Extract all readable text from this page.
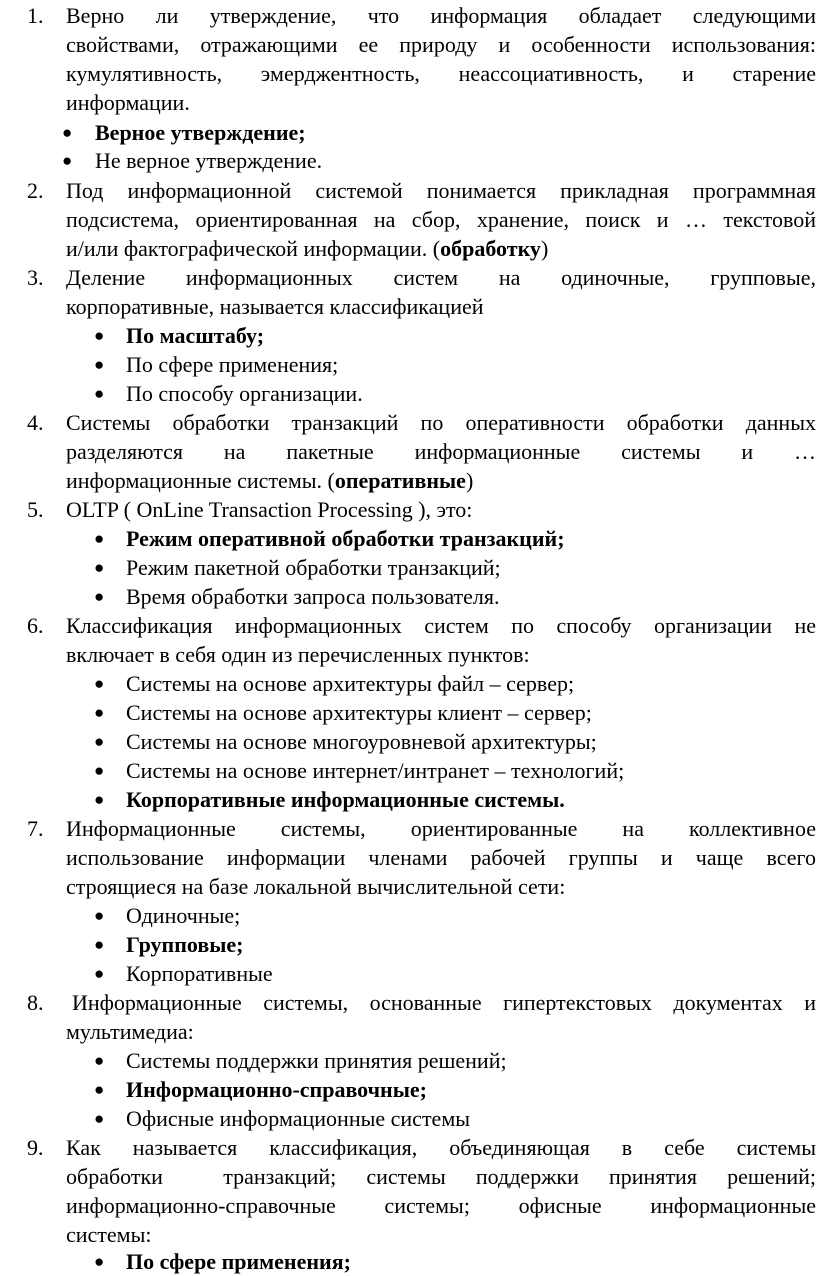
1. Верно ли утверждение, что информация обладает следующими
свойствами, отражающими ее природу и особенности использования:
кумулятивность, эмерджентность, неассоциативность, и старение
информации.
● Верное утверждение;
● Не верное утверждение.
2. Под информационной системой понимается прикладная программная
подсистема, ориентированная на сбор, хранение, поиск и … текстовой
и/или фактографической информации. (обработку)
3. Деление информационных систем на одиночные, групповые,
корпоративные, называется классификацией
● По масштабу;
● По сфере применения;
● По способу организации.
4. Системы обработки транзакций по оперативности обработки данных
разделяются на пакетные информационные системы и …
информационные системы. (оперативные)
5. OLTP ( OnLine Transaction Processing ), это:
● Режим оперативной обработки транзакций;
● Режим пакетной обработки транзакций;
● Время обработки запроса пользователя.
6. Классификация информационных систем по способу организации не
включает в себя один из перечисленных пунктов:
● Системы на основе архитектуры файл – сервер;
● Системы на основе архитектуры клиент – сервер;
● Системы на основе многоуровневой архитектуры;
● Системы на основе интернет/интранет – технологий;
● Корпоративные информационные системы.
7. Информационные системы, ориентированные на коллективное
использование информации членами рабочей группы и чаще всего
строящиеся на базе локальной вычислительной сети:
● Одиночные;
● Групповые;
● Корпоративные
8. Информационные системы, основанные гипертекстовых документах и
мультимедиа:
● Системы поддержки принятия решений;
● Информационно-справочные;
● Офисные информационные системы
9. Как называется классификация, объединяющая в себе системы
обработки  транзакций; системы поддержки принятия решений;
информационно-справочные системы; офисные информационные
системы:
● По сфере применения;
